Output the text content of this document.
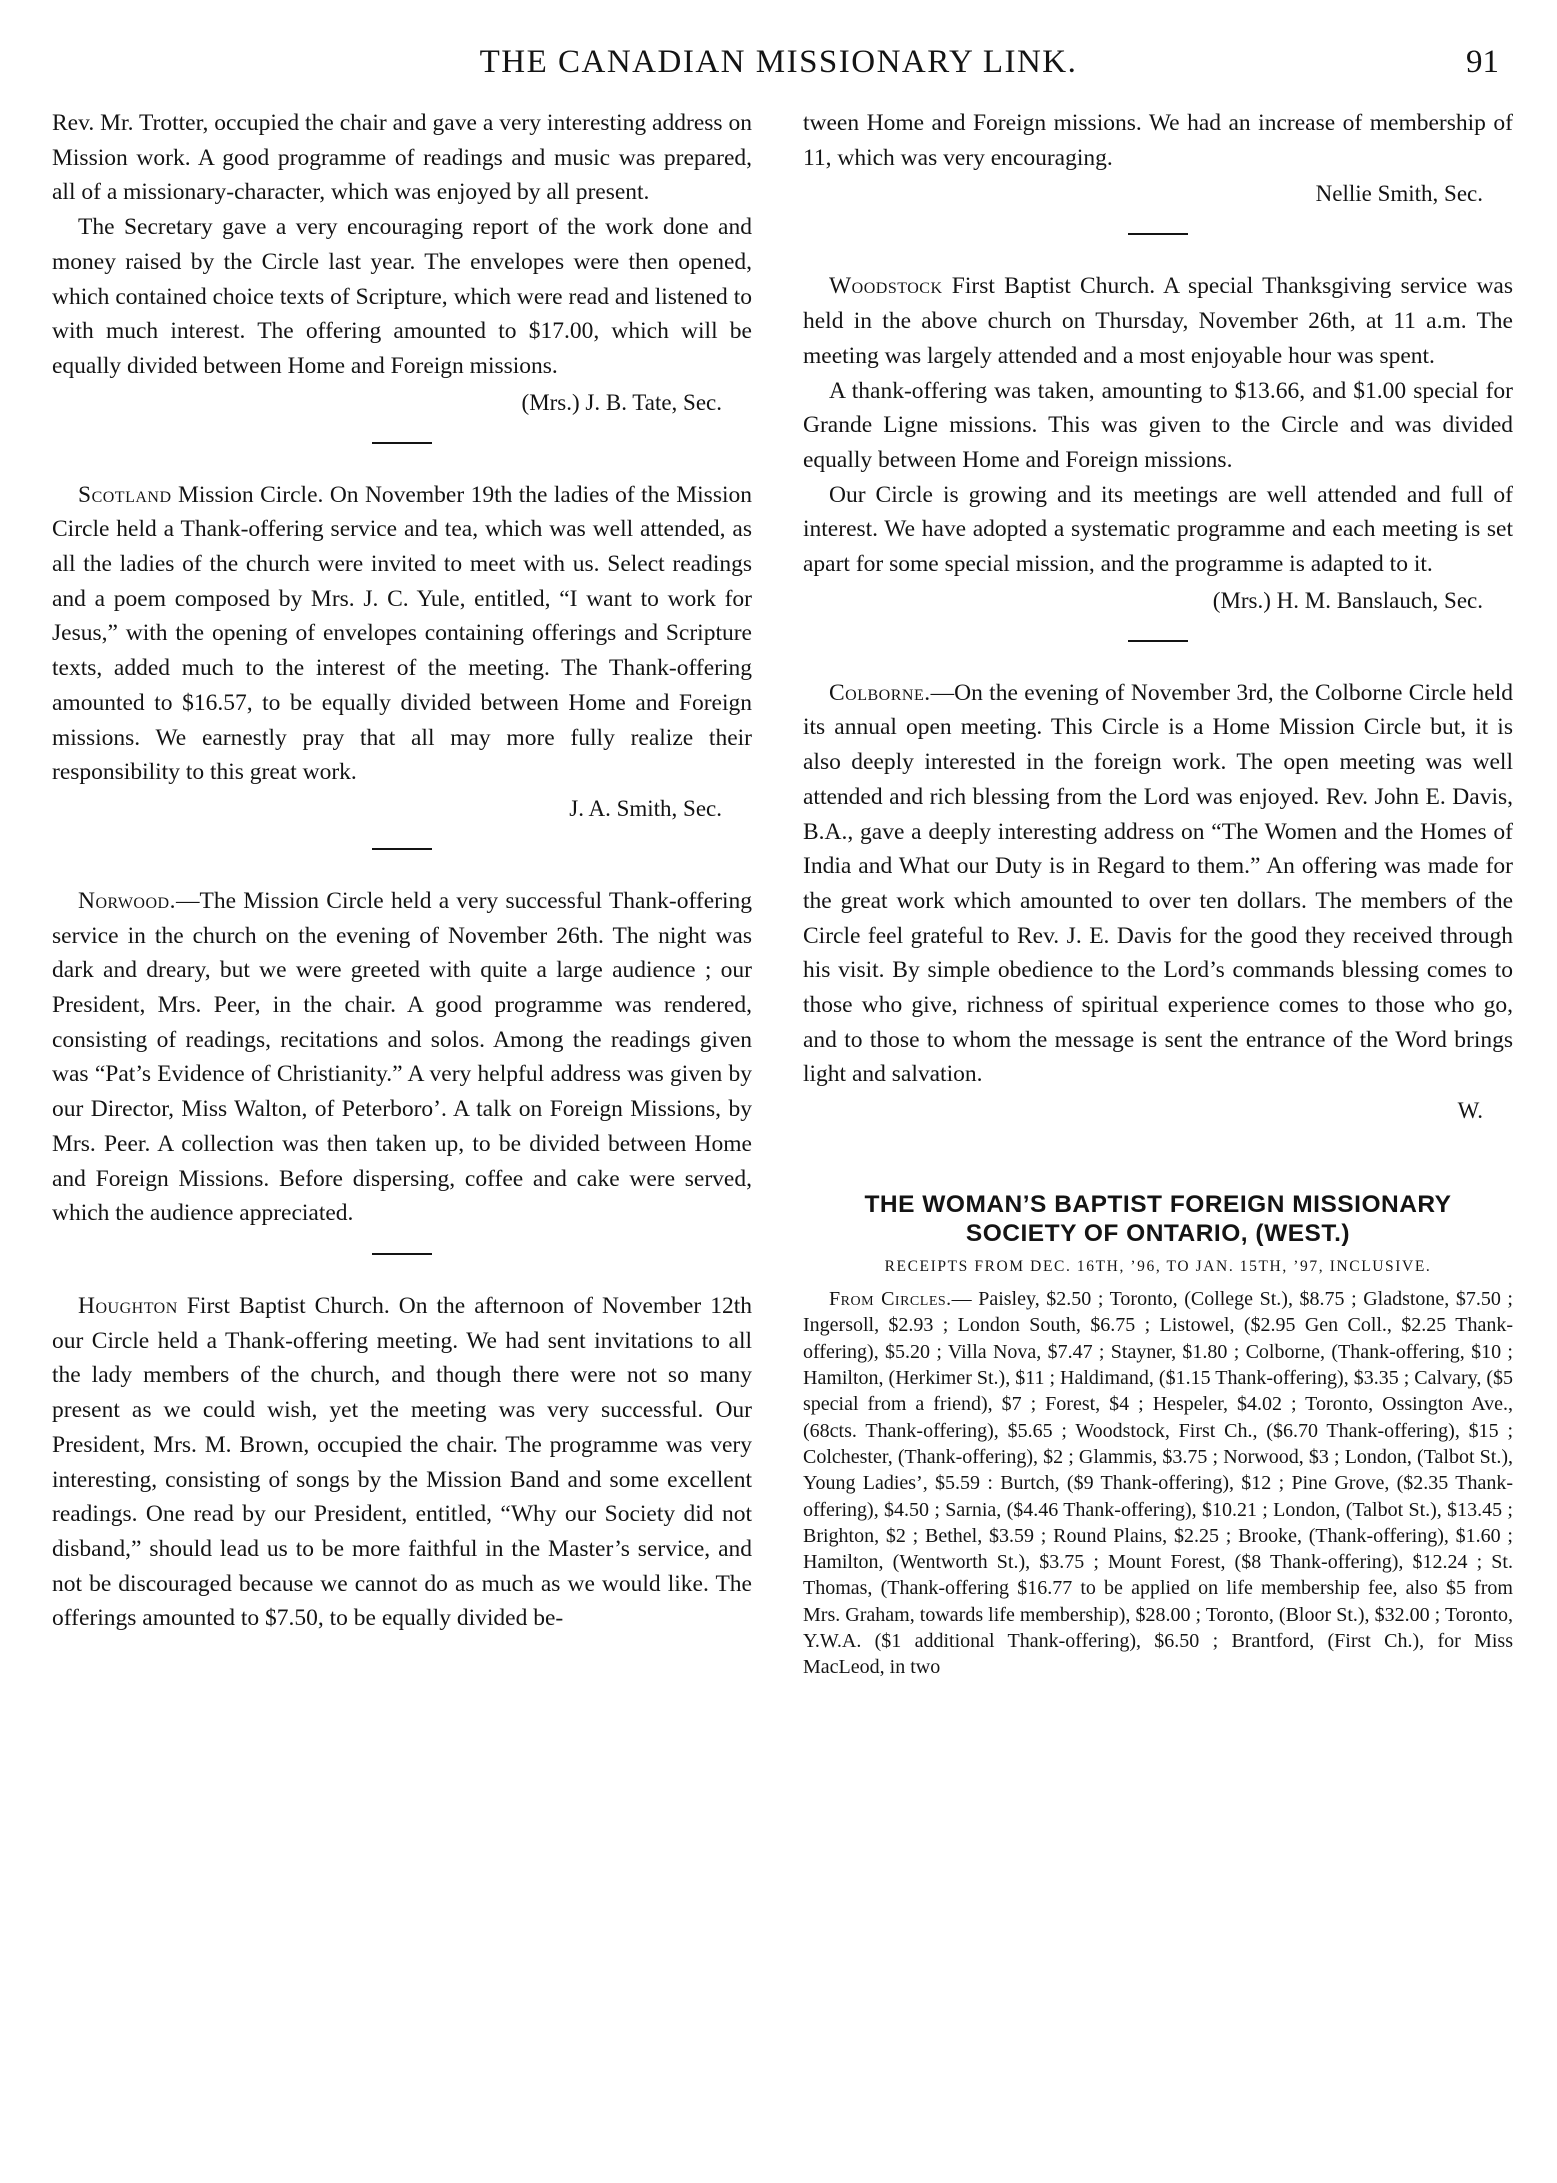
THE CANADIAN MISSIONARY LINK.	91

Rev. Mr. Trotter, occupied the chair and gave a very interesting address on Mission work. A good programme of readings and music was prepared, all of a missionary-character, which was enjoyed by all present.

The Secretary gave a very encouraging report of the work done and money raised by the Circle last year. The envelopes were then opened, which contained choice texts of Scripture, which were read and listened to with much interest. The offering amounted to $17.00, which will be equally divided between Home and Foreign missions.

(Mrs.) J. B. Tate, Sec.

Scotland Mission Circle. On November 19th the ladies of the Mission Circle held a Thank-offering service and tea, which was well attended, as all the ladies of the church were invited to meet with us. Select readings and a poem composed by Mrs. J. C. Yule, entitled, “I want to work for Jesus,” with the opening of envelopes containing offerings and Scripture texts, added much to the interest of the meeting. The Thank-offering amounted to $16.57, to be equally divided between Home and Foreign missions. We earnestly pray that all may more fully realize their responsibility to this great work.

J. A. Smith, Sec.

Norwood.—The Mission Circle held a very successful Thank-offering service in the church on the evening of November 26th. The night was dark and dreary, but we were greeted with quite a large audience ; our President, Mrs. Peer, in the chair. A good programme was rendered, consisting of readings, recitations and solos. Among the readings given was “Pat’s Evidence of Christianity.” A very helpful address was given by our Director, Miss Walton, of Peterboro’. A talk on Foreign Missions, by Mrs. Peer. A collection was then taken up, to be divided between Home and Foreign Missions. Before dispersing, coffee and cake were served, which the audience appreciated.

Houghton First Baptist Church. On the afternoon of November 12th our Circle held a Thank-offering meeting. We had sent invitations to all the lady members of the church, and though there were not so many present as we could wish, yet the meeting was very successful. Our President, Mrs. M. Brown, occupied the chair. The programme was very interesting, consisting of songs by the Mission Band and some excellent readings. One read by our President, entitled, “Why our Society did not disband,” should lead us to be more faithful in the Master’s service, and not be discouraged because we cannot do as much as we would like. The offerings amounted to $7.50, to be equally divided be-

tween Home and Foreign missions. We had an increase of membership of 11, which was very encouraging.

Nellie Smith, Sec.

Woodstock First Baptist Church. A special Thanksgiving service was held in the above church on Thursday, November 26th, at 11 a.m. The meeting was largely attended and a most enjoyable hour was spent.

A thank-offering was taken, amounting to $13.66, and $1.00 special for Grande Ligne missions. This was given to the Circle and was divided equally between Home and Foreign missions.

Our Circle is growing and its meetings are well attended and full of interest. We have adopted a systematic programme and each meeting is set apart for some special mission, and the programme is adapted to it.

(Mrs.) H. M. Banslauch, Sec.

Colborne.—On the evening of November 3rd, the Colborne Circle held its annual open meeting. This Circle is a Home Mission Circle but, it is also deeply interested in the foreign work. The open meeting was well attended and rich blessing from the Lord was enjoyed. Rev. John E. Davis, B.A., gave a deeply interesting address on “The Women and the Homes of India and What our Duty is in Regard to them.” An offering was made for the great work which amounted to over ten dollars. The members of the Circle feel grateful to Rev. J. E. Davis for the good they received through his visit. By simple obedience to the Lord’s commands blessing comes to those who give, richness of spiritual experience comes to those who go, and to those to whom the message is sent the entrance of the Word brings light and salvation.

W.
THE WOMAN’S BAPTIST FOREIGN MISSIONARY
SOCIETY OF ONTARIO, (WEST.)
RECEIPTS FROM DEC. 16TH, ’96, TO JAN. 15TH, ’97, INCLUSIVE.

From Circles.— Paisley, $2.50 ; Toronto, (College St.), $8.75 ; Gladstone, $7.50 ; Ingersoll, $2.93 ; London South, $6.75 ; Listowel, ($2.95 Gen Coll., $2.25 Thank-offering), $5.20 ; Villa Nova, $7.47 ; Stayner, $1.80 ; Colborne, (Thank-offering, $10 ; Hamilton, (Herkimer St.), $11 ; Haldimand, ($1.15 Thank-offering), $3.35 ; Calvary, ($5 special from a friend), $7 ; Forest, $4 ; Hespeler, $4.02 ; Toronto, Ossington Ave., (68cts. Thank-offering), $5.65 ; Woodstock, First Ch., ($6.70 Thank-offering), $15 ; Colchester, (Thank-offering), $2 ; Glammis, $3.75 ; Norwood, $3 ; London, (Talbot St.), Young Ladies’, $5.59 : Burtch, ($9 Thank-offering), $12 ; Pine Grove, ($2.35 Thank-offering), $4.50 ; Sarnia, ($4.46 Thank-offering), $10.21 ; London, (Talbot St.), $13.45 ; Brighton, $2 ; Bethel, $3.59 ; Round Plains, $2.25 ; Brooke, (Thank-offering), $1.60 ; Hamilton, (Wentworth St.), $3.75 ; Mount Forest, ($8 Thank-offering), $12.24 ; St. Thomas, (Thank-offering $16.77 to be applied on life membership fee, also $5 from Mrs. Graham, towards life membership), $28.00 ; Toronto, (Bloor St.), $32.00 ; Toronto, Y.W.A. ($1 additional Thank-offering), $6.50 ; Brantford, (First Ch.), for Miss MacLeod, in two
